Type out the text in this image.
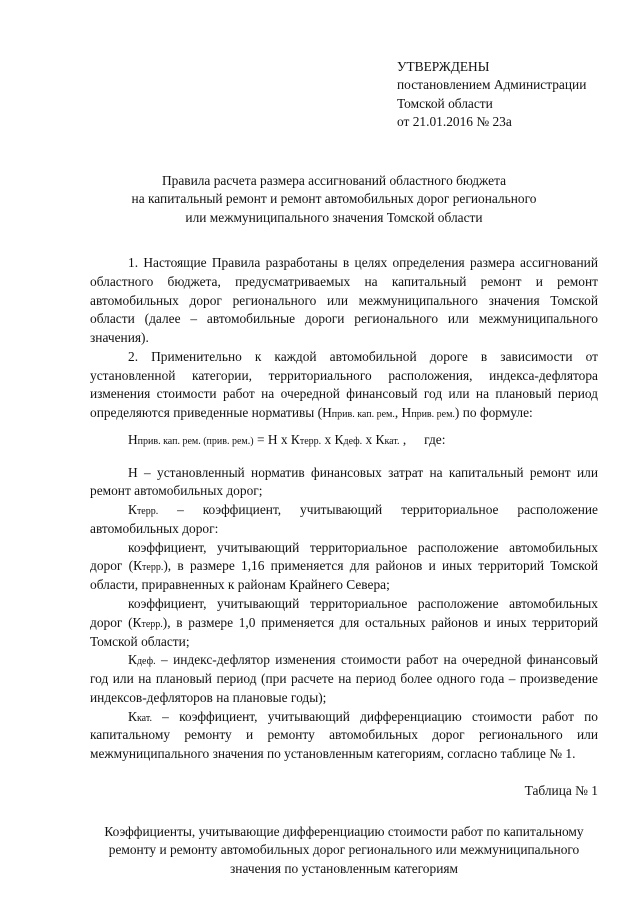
УТВЕРЖДЕНЫ
постановлением Администрации
Томской области
от 21.01.2016 № 23а
Правила расчета размера ассигнований областного бюджета
на капитальный ремонт и ремонт автомобильных дорог регионального
или межмуниципального значения Томской области

1. Настоящие Правила разработаны в целях определения размера ассигнований областного бюджета, предусматриваемых на капитальный ремонт и ремонт автомобильных дорог регионального или межмуниципального значения Томской области (далее – автомобильные дороги регионального или межмуниципального значения).

2. Применительно к каждой автомобильной дороге в зависимости от установленной категории, территориального расположения, индекса-дефлятора изменения стоимости работ на очередной финансовый год или на плановый период определяются приведенные нормативы (Нприв. кап. рем., Нприв. рем.) по формуле:

Нприв. кап. рем. (прив. рем.) = Н х Ктерр. х Кдеф. х Ккат. , где:

Н – установленный норматив финансовых затрат на капитальный ремонт или ремонт автомобильных дорог;

Ктерр. – коэффициент, учитывающий территориальное расположение автомобильных дорог:

коэффициент, учитывающий территориальное расположение автомобильных дорог (Ктерр.), в размере 1,16 применяется для районов и иных территорий Томской области, приравненных к районам Крайнего Севера;

коэффициент, учитывающий территориальное расположение автомобильных дорог (Ктерр.), в размере 1,0 применяется для остальных районов и иных территорий Томской области;

Кдеф. – индекс-дефлятор изменения стоимости работ на очередной финансовый год или на плановый период (при расчете на период более одного года – произведение индексов-дефляторов на плановые годы);

Ккат. – коэффициент, учитывающий дифференциацию стоимости работ по капитальному ремонту и ремонту автомобильных дорог регионального или межмуниципального значения по установленным категориям, согласно таблице № 1.

Таблица № 1
Коэффициенты, учитывающие дифференциацию стоимости работ по капитальному ремонту и ремонту автомобильных дорог регионального или межмуниципального значения по установленным категориям
